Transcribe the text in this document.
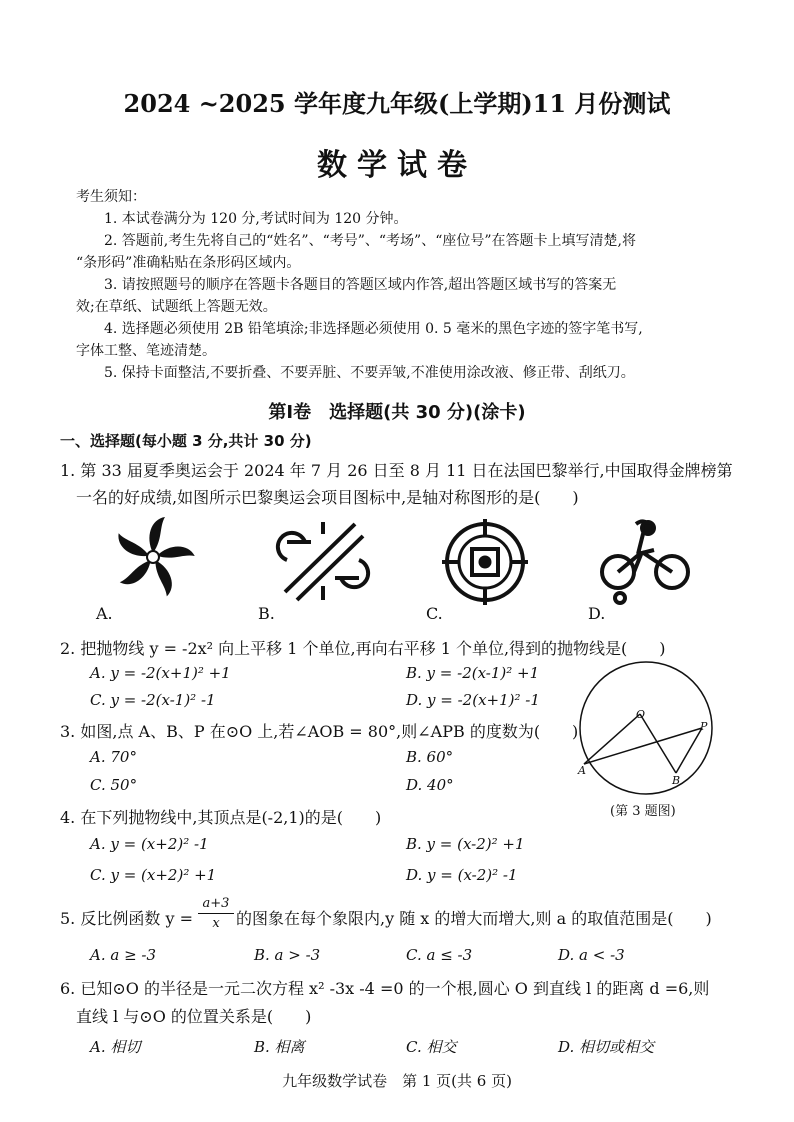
2024 ~2025 学年度九年级(上学期)11 月份测试
数学试卷
考生须知：
1. 本试卷满分为 120 分,考试时间为 120 分钟。
2. 答题前,考生先将自己的“姓名”、“考号”、“考场”、“座位号”在答题卡上填写清楚,将
“条形码”准确粘贴在条形码区域内。
3. 请按照题号的顺序在答题卡各题目的答题区域内作答,超出答题区域书写的答案无
效;在草纸、试题纸上答题无效。
4. 选择题必须使用 2B 铅笔填涂;非选择题必须使用 0. 5 毫米的黑色字迹的签字笔书写,
字体工整、笔迹清楚。
5. 保持卡面整洁,不要折叠、不要弄脏、不要弄皱,不准使用涂改液、修正带、刮纸刀。
第Ⅰ卷　选择题(共 30 分)(涂卡)
一、选择题(每小题 3 分,共计 30 分)
1. 第 33 届夏季奥运会于 2024 年 7 月 26 日至 8 月 11 日在法国巴黎举行,中国取得金牌榜第
一名的好成绩,如图所示巴黎奥运会项目图标中,是轴对称图形的是(　　)
A.	B.	C.	D.
2. 把抛物线 y = -2x² 向上平移 1 个单位,再向右平移 1 个单位,得到的抛物线是(　　)
A. y = -2(x+1)² +1	B. y = -2(x-1)² +1
C. y = -2(x-1)² -1	D. y = -2(x+1)² -1
3. 如图,点 A、B、P 在⊙O 上,若∠AOB = 80°,则∠APB 的度数为(　　)
A. 70°	B. 60°
C. 50°	D. 40°
O
A
B
P
(第 3 题图)
4. 在下列抛物线中,其顶点是(-2,1)的是(　　)
A. y = (x+2)² -1	B. y = (x-2)² +1
C. y = (x+2)² +1	D. y = (x-2)² -1
5. 反比例函数 y =
a+3
x	的图象在每个象限内,y 随 x 的增大而增大,则 a 的取值范围是(　　)
A. a ≥ -3	B. a > -3	C. a ≤ -3	D. a < -3
6. 已知⊙O 的半径是一元二次方程 x² -3x -4 =0 的一个根,圆心 O 到直线 l 的距离 d =6,则
直线 l 与⊙O 的位置关系是(　　)
A. 相切	B. 相离	C. 相交	D. 相切或相交
九年级数学试卷　第 1 页(共 6 页)
